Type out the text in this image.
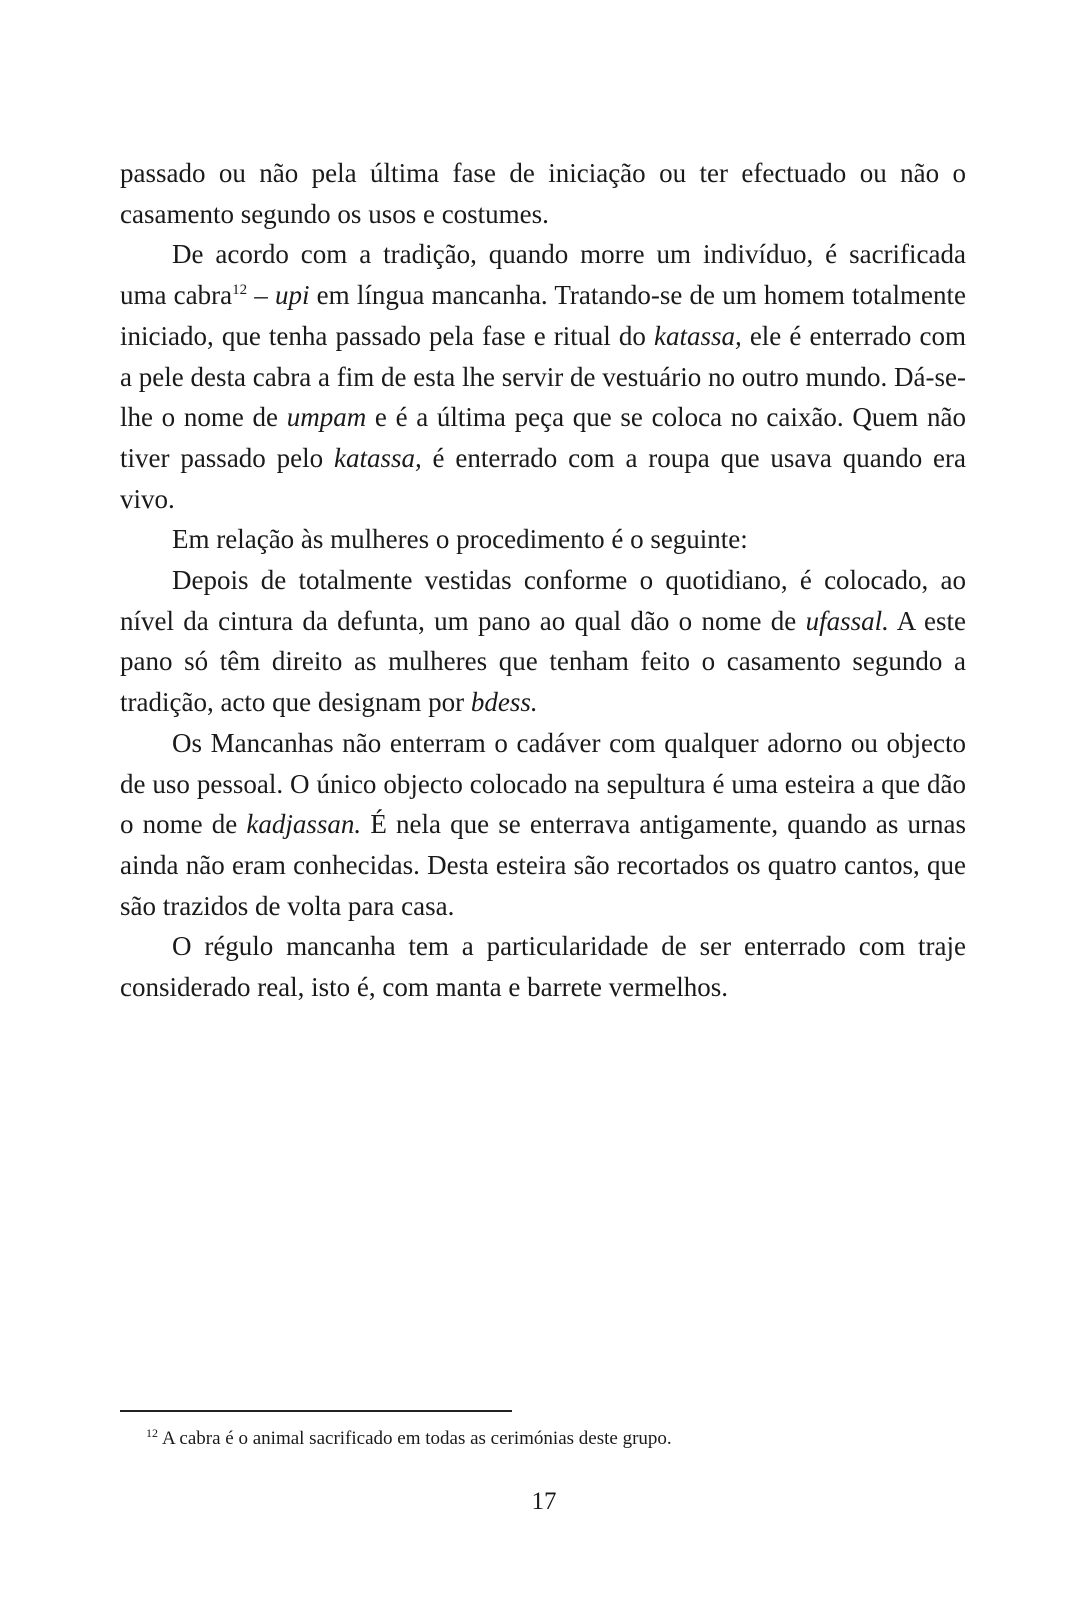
passado ou não pela última fase de iniciação ou ter efectuado ou não o casamento segundo os usos e costumes.

De acordo com a tradição, quando morre um indivíduo, é sacrificada uma cabra$^{12}$ – upi em língua mancanha. Tratando-se de um homem totalmente iniciado, que tenha passado pela fase e ritual do katassa, ele é enterrado com a pele desta cabra a fim de esta lhe servir de vestuário no outro mundo. Dá-se-lhe o nome de umpam e é a última peça que se coloca no caixão. Quem não tiver passado pelo katassa, é enterrado com a roupa que usava quando era vivo.

Em relação às mulheres o procedimento é o seguinte:

Depois de totalmente vestidas conforme o quotidiano, é colocado, ao nível da cintura da defunta, um pano ao qual dão o nome de ufassal. A este pano só têm direito as mulheres que tenham feito o casamento segundo a tradição, acto que designam por bdess.

Os Mancanhas não enterram o cadáver com qualquer adorno ou objecto de uso pessoal. O único objecto colocado na sepultura é uma esteira a que dão o nome de kadjassan. É nela que se enterrava antigamente, quando as urnas ainda não eram conhecidas. Desta esteira são recortados os quatro cantos, que são trazidos de volta para casa.

O régulo mancanha tem a particularidade de ser enterrado com traje considerado real, isto é, com manta e barrete vermelhos.

$^{12}$ A cabra é o animal sacrificado em todas as cerimónias deste grupo.
17
